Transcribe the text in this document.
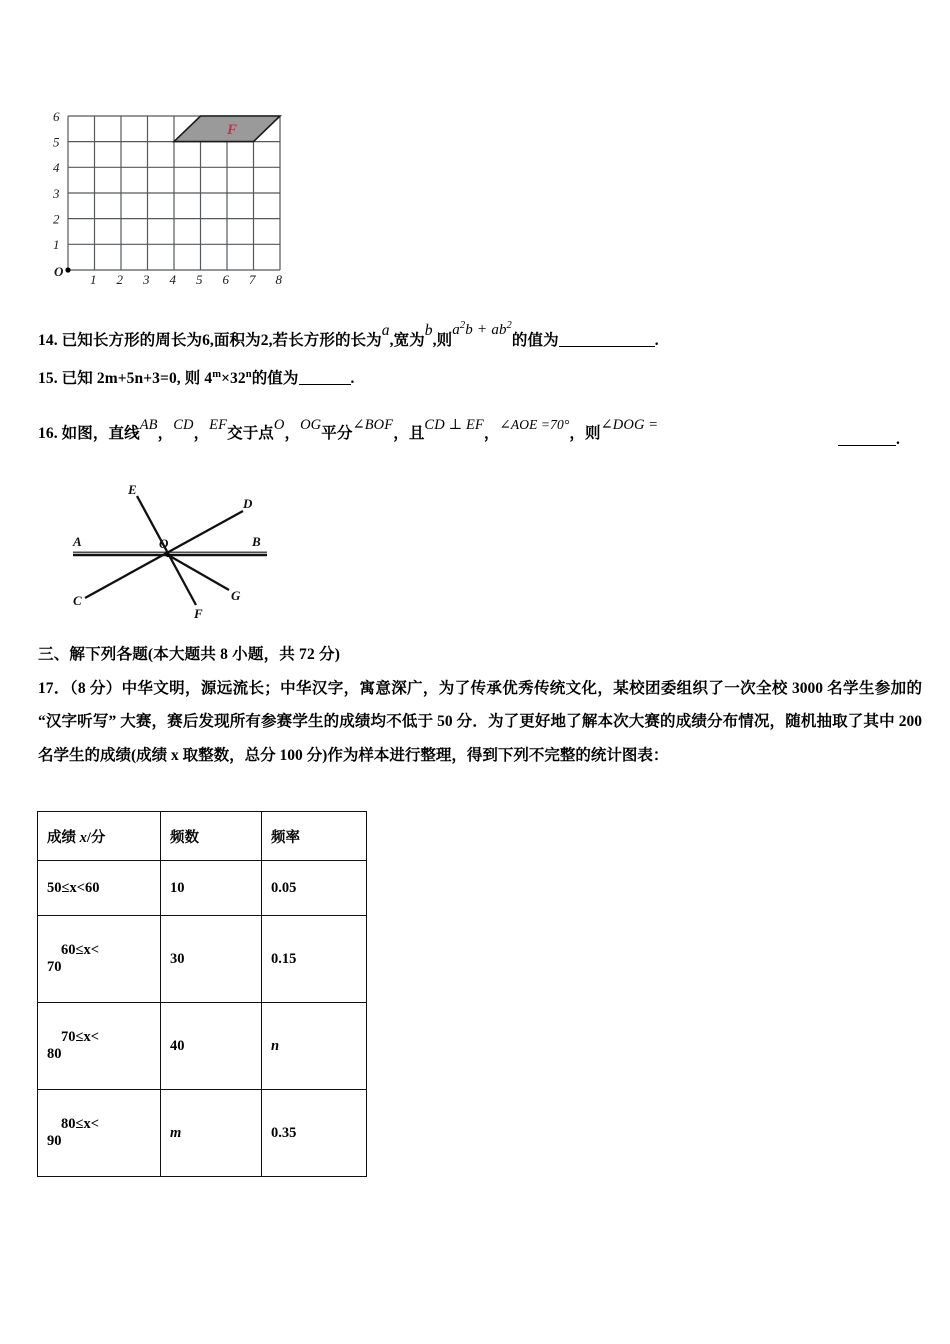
F
O
1 2 3 4 5 6 7 8
1
2
3
4
5
6
14. 已知长方形的周长为6,面积为2,若长方形的长为a,宽为b,则$a^2b + ab^2$的值为	.
15. 已知 2m+5n+3=0, 则 $4^m\times 32^n$的值为	.
16. 如图，直线AB，CD，EF交于点O，OG平分∠BOF，且CD ⊥ EF，∠AOE =70°，则∠DOG =
.
A	B
C
D
E
F
G
O
三、解下列各题(本大题共 8 小题，共 72 分)
17．（8 分）中华文明，源远流长；中华汉字，寓意深广，为了传承优秀传统文化，某校团委组织了一次全校 3000 名学生参加的 “汉字听写” 大赛，赛后发现所有参赛学生的成绩均不低于 50 分．为了更好地了解本次大赛的成绩分布情况，随机抽取了其中 200 名学生的成绩(成绩 x 取整数，总分 100 分)作为样本进行整理，得到下列不完整的统计图表：
成绩 x/分	频数	频率

50≤x<60	10	0.05

60≤x<
70	30	0.15

70≤x<
80	40	n

80≤x<
90	m	0.35
